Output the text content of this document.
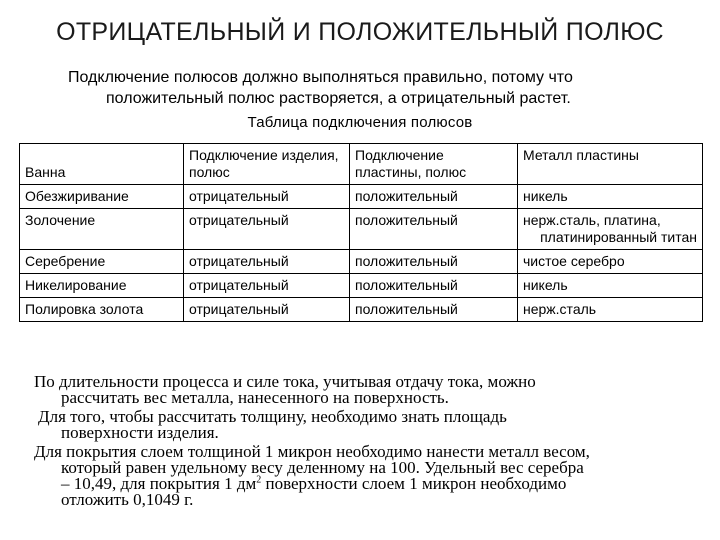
ОТРИЦАТЕЛЬНЫЙ И ПОЛОЖИТЕЛЬНЫЙ ПОЛЮС
Подключение полюсов должно выполняться правильно, потому что
положительный полюс растворяется, а отрицательный растет.
Таблица подключения полюсов
Ванна	Подключение изделия, полюс	Подключение пластины, полюс	Металл пластины
Обезжиривание	отрицательный	положительный	никель
Золочение	отрицательный	положительный	нерж.сталь, платина,
платинированный титан

Серебрение	отрицательный	положительный	чистое серебро
Никелирование	отрицательный	положительный	никель
Полировка золота	отрицательный	положительный	нерж.сталь

По длительности процесса и силе тока, учитывая отдачу тока, можно
рассчитать вес металла, нанесенного на поверхность.

Для того, чтобы рассчитать толщину, необходимо знать площадь
поверхности изделия.

Для покрытия слоем толщиной 1 микрон необходимо нанести металл весом,
который равен удельному весу деленному на 100. Удельный вес серебра
– 10,49, для покрытия 1 $дм^2$ поверхности слоем 1 микрон необходимо
отложить 0,1049 г.
